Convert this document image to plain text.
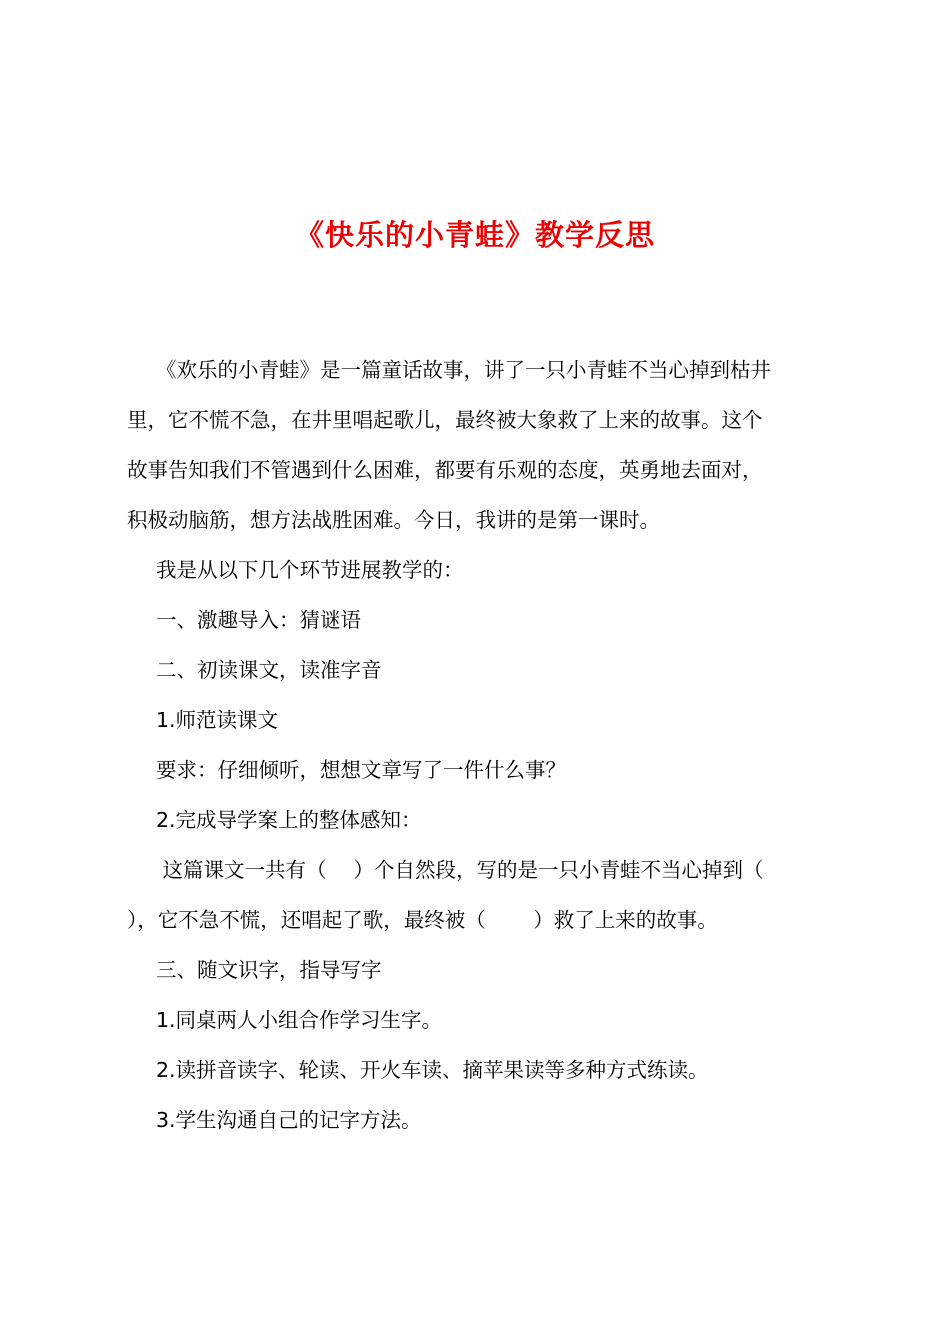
《快乐的小青蛙》教学反思
《欢乐的小青蛙》是一篇童话故事，讲了一只小青蛙不当心掉到枯井
里，它不慌不急，在井里唱起歌儿，最终被大象救了上来的故事。这个
故事告知我们不管遇到什么困难，都要有乐观的态度，英勇地去面对，
积极动脑筋，想方法战胜困难。今日，我讲的是第一课时。
我是从以下几个环节进展教学的：
一、激趣导入：猜谜语
二、初读课文，读准字音
1.师范读课文
要求：仔细倾听，想想文章写了一件什么事？
2.完成导学案上的整体感知：
这篇课文一共有（　 ）个自然段，写的是一只小青蛙不当心掉到（
），它不急不慌，还唱起了歌，最终被（　　 ）救了上来的故事。
三、随文识字，指导写字
1.同桌两人小组合作学习生字。
2.读拼音读字、轮读、开火车读、摘苹果读等多种方式练读。
3.学生沟通自己的记字方法。
